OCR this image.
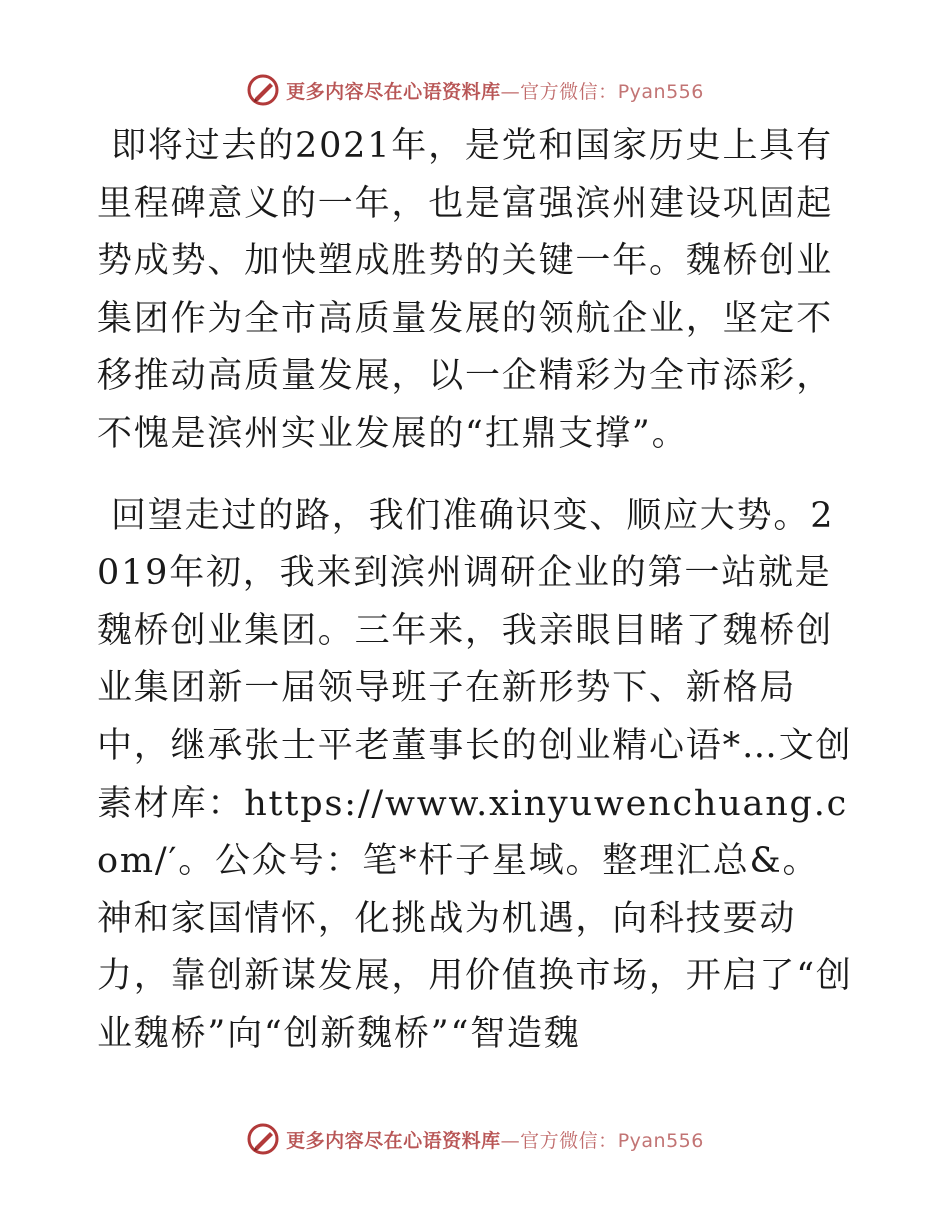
更多内容尽在心语资料库—官方微信：Pyan556

即将过去的2021年，是党和国家历史上具有里程碑意义的一年，也是富强滨州建设巩固起势成势、加快塑成胜势的关键一年。魏桥创业集团作为全市高质量发展的领航企业，坚定不移推动高质量发展，以一企精彩为全市添彩，不愧是滨州实业发展的“扛鼎支撑”。

回望走过的路，我们准确识变、顺应大势。2019年初，我来到滨州调研企业的第一站就是魏桥创业集团。三年来，我亲眼目睹了魏桥创业集团新一届领导班子在新形势下、新格局中，继承张士平老董事长的创业精心语*…文创素材库：https://www.xinyuwenchuang.com/′。公众号：笔*杆子星域。整理汇总&。神和家国情怀，化挑战为机遇，向科技要动力，靠创新谋发展，用价值换市场，开启了“创业魏桥”向“创新魏桥”“智造魏

更多内容尽在心语资料库—官方微信：Pyan556
